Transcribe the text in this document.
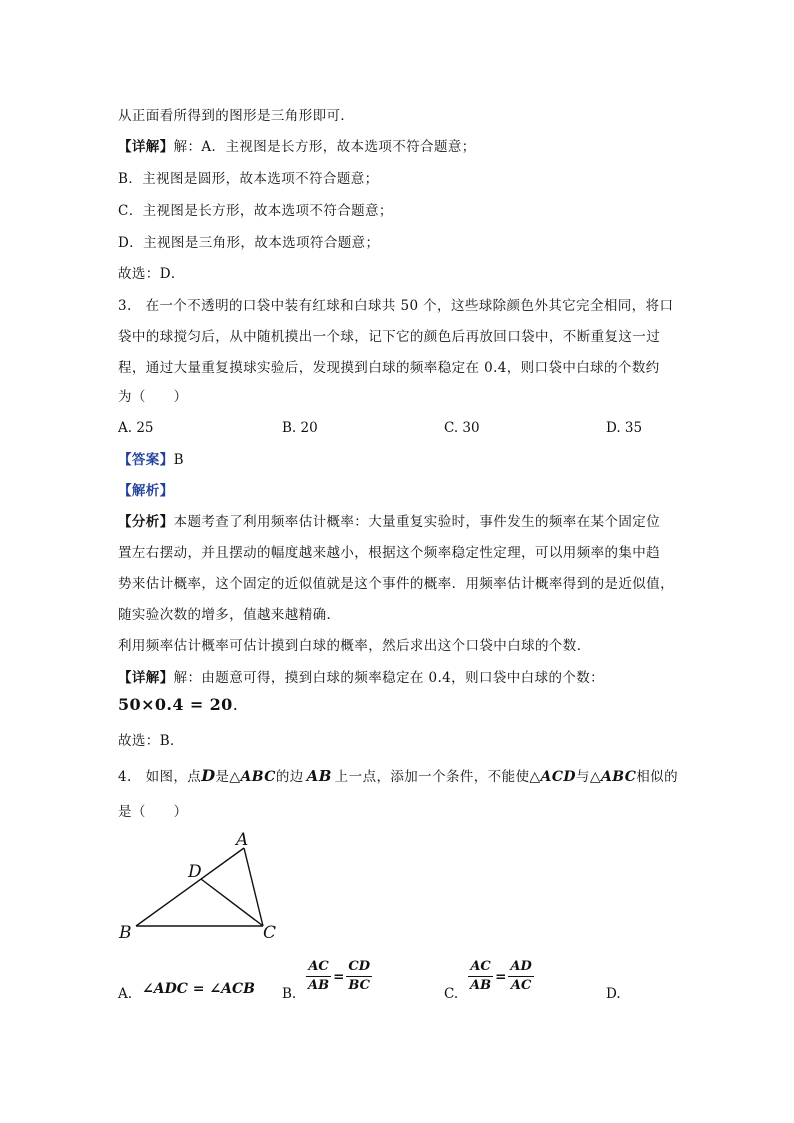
从正面看所得到的图形是三角形即可．
【详解】解：A．主视图是长方形，故本选项不符合题意；
B．主视图是圆形，故本选项不符合题意；
C．主视图是长方形，故本选项不符合题意；
D．主视图是三角形，故本选项符合题意；
故选：D．
3.　在一个不透明的口袋中装有红球和白球共 50 个，这些球除颜色外其它完全相同，将口
袋中的球搅匀后，从中随机摸出一个球，记下它的颜色后再放回口袋中，不断重复这一过
程，通过大量重复摸球实验后，发现摸到白球的频率稳定在 0.4，则口袋中白球的个数约
为（　　）
A. 25	B. 20	C. 30	D. 35
【答案】B
【解析】
【分析】本题考查了利用频率估计概率：大量重复实验时，事件发生的频率在某个固定位
置左右摆动，并且摆动的幅度越来越小，根据这个频率稳定性定理，可以用频率的集中趋
势来估计概率，这个固定的近似值就是这个事件的概率．用频率估计概率得到的是近似值，
随实验次数的增多，值越来越精确．
利用频率估计概率可估计摸到白球的概率，然后求出这个口袋中白球的个数．
【详解】解：由题意可得，摸到白球的频率稳定在 0.4，则口袋中白球的个数：
50×0.4 = 20.
故选：B．
4.　如图，点D是△ABC的边 AB 上一点，添加一个条件，不能使△ACD与△ABC相似的
是（　　）
A
D
B	C
A. ∠ADC = ∠ACB B. $\frac{AC}{AB} = \frac{CD}{BC}$	C. $\frac{AC}{AB} = \frac{AD}{AC}$	D.
